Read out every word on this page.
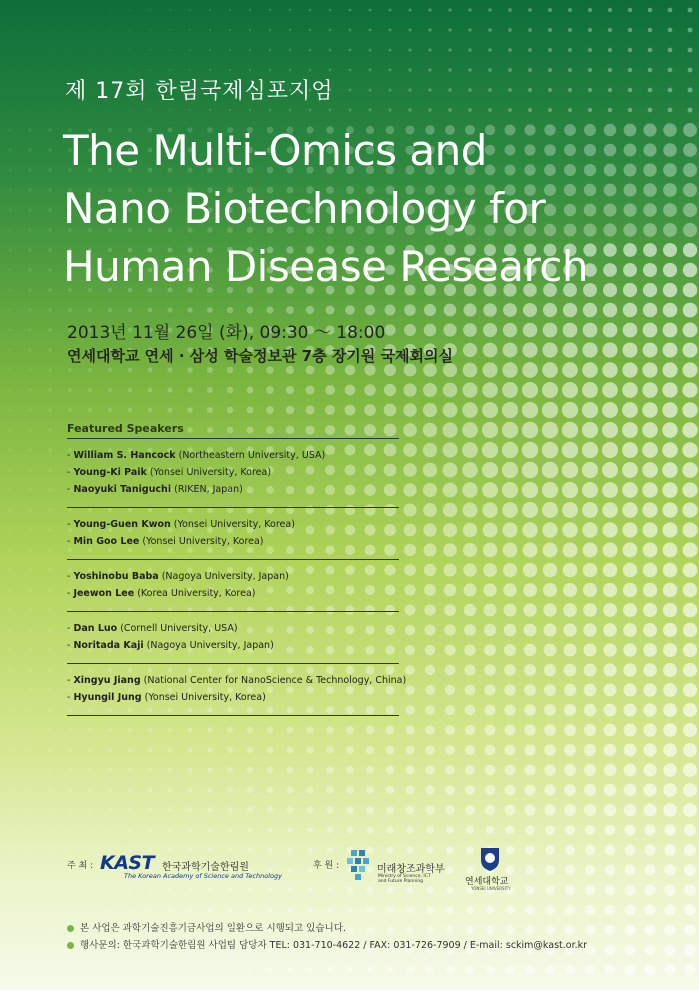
제 17회 한림국제심포지엄
The Multi-Omics and
Nano Biotechnology for
Human Disease Research
2013년 11월 26일 (화), 09:30 ～ 18:00
연세대학교 연세 · 삼성 학술정보관 7층 장기원 국제회의실
Featured Speakers
- William S. Hancock (Northeastern University, USA)
- Young-Ki Paik (Yonsei University, Korea)
- Naoyuki Taniguchi (RIKEN, Japan)
- Young-Guen Kwon (Yonsei University, Korea)
- Min Goo Lee (Yonsei University, Korea)
- Yoshinobu Baba (Nagoya University, Japan)
- Jeewon Lee (Korea University, Korea)
- Dan Luo (Cornell University, USA)
- Noritada Kaji (Nagoya University, Japan)
- Xingyu Jiang (National Center for NanoScience & Technology, China)
- Hyungil Jung (Yonsei University, Korea)
주 최 : KAST 한국과학기술한림원
The Korean Academy of Science and Technology
후 원 :	미래창조과학부
Ministry of Science, ICT and Future Planning	연세대학교
YONSEI UNIVERSITY
본 사업은 과학기술진흥기금사업의 일환으로 시행되고 있습니다.
행사문의: 한국과학기술한림원 사업팀 담당자 TEL: 031-710-4622 / FAX: 031-726-7909 / E-mail: sckim@kast.or.kr
